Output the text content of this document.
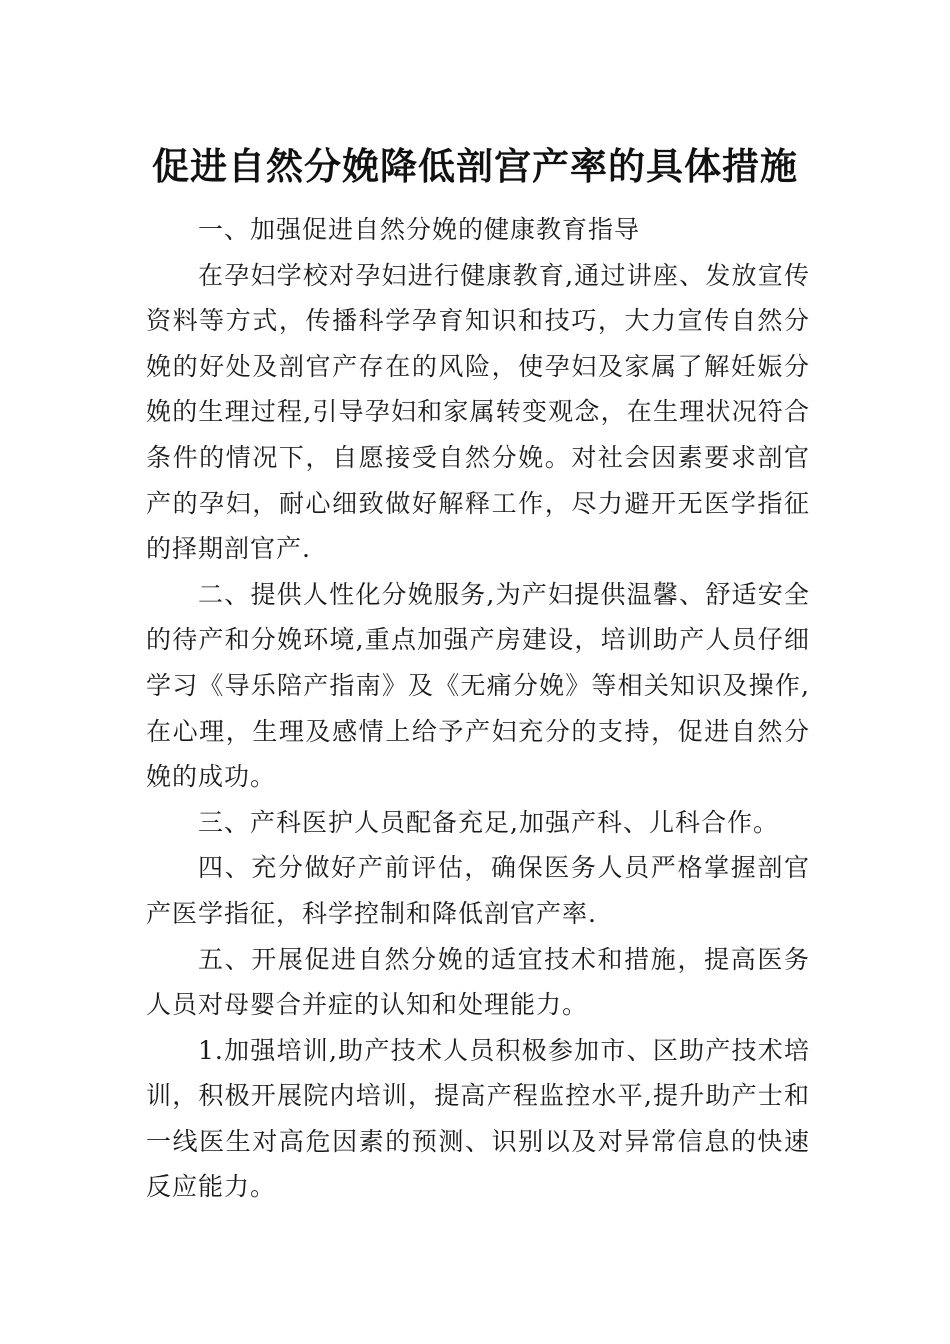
促进自然分娩降低剖宫产率的具体措施

一、加强促进自然分娩的健康教育指导

在孕妇学校对孕妇进行健康教育,通过讲座、发放宣传资料等方式，传播科学孕育知识和技巧，大力宣传自然分娩的好处及剖官产存在的风险，使孕妇及家属了解妊娠分娩的生理过程,引导孕妇和家属转变观念，在生理状况符合条件的情况下，自愿接受自然分娩。对社会因素要求剖官产的孕妇，耐心细致做好解释工作，尽力避开无医学指征的择期剖官产.

二、提供人性化分娩服务,为产妇提供温馨、舒适安全的待产和分娩环境,重点加强产房建设，培训助产人员仔细学习《导乐陪产指南》及《无痛分娩》等相关知识及操作,在心理，生理及感情上给予产妇充分的支持，促进自然分娩的成功。

三、产科医护人员配备充足,加强产科、儿科合作。

四、充分做好产前评估，确保医务人员严格掌握剖官产医学指征，科学控制和降低剖官产率.

五、开展促进自然分娩的适宜技术和措施，提高医务人员对母婴合并症的认知和处理能力。

1.加强培训,助产技术人员积极参加市、区助产技术培训，积极开展院内培训，提高产程监控水平,提升助产士和一线医生对高危因素的预测、识别以及对异常信息的快速反应能力。
